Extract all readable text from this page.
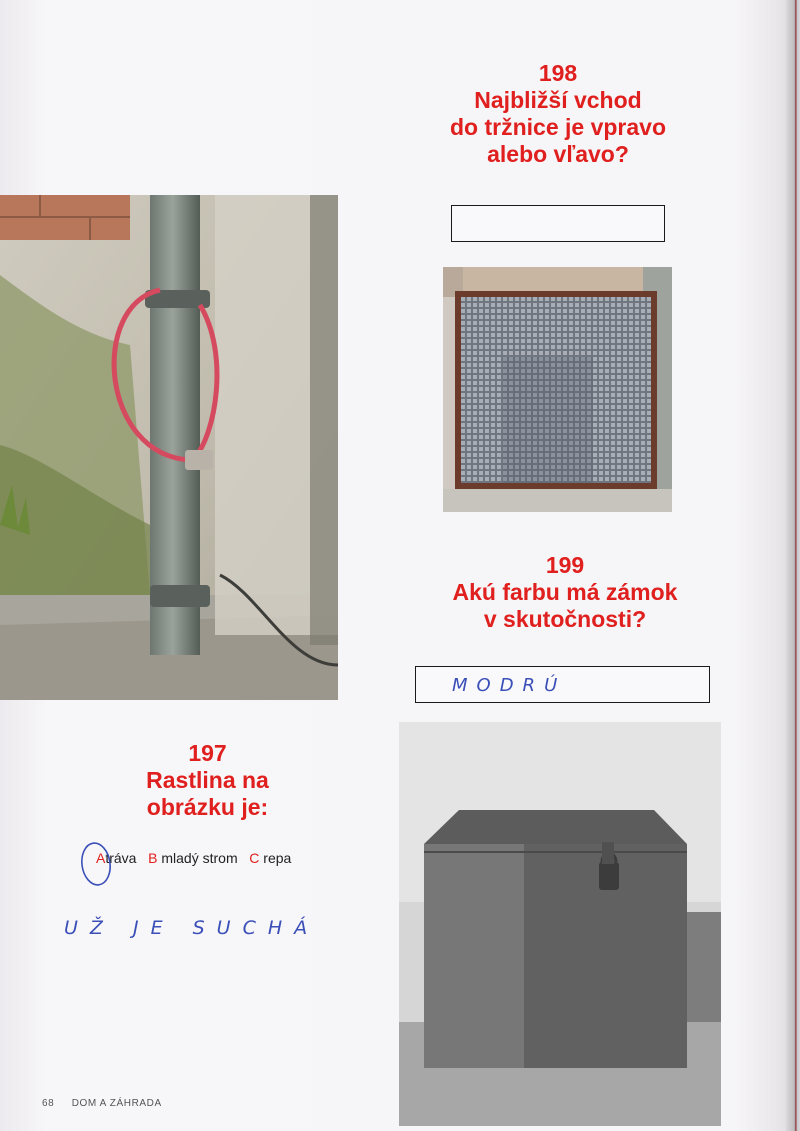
198
Najbližší vchod
do tržnice je vpravo
alebo vľavo?
199
Akú farbu má zámok
v skutočnosti?
MODRÚ
197
Rastlina na
obrázku je:
Atráva B mladý strom C repa
UŽ JE SUCHÁ
68 DOM A ZÁHRADA
